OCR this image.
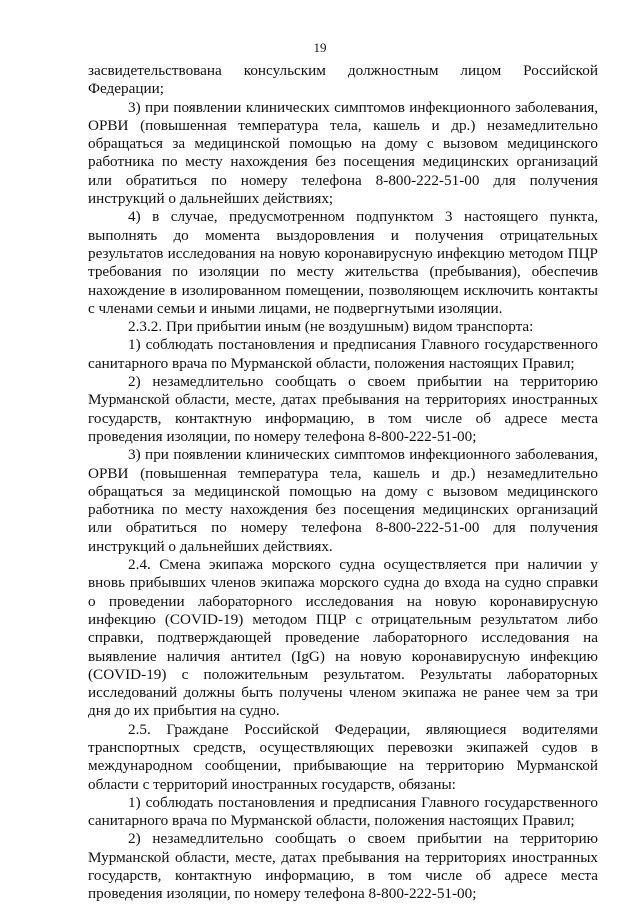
19

засвидетельствована консульским должностным лицом Российской Федерации;

3) при появлении клинических симптомов инфекционного заболевания, ОРВИ (повышенная температура тела, кашель и др.) незамедлительно обращаться за медицинской помощью на дому с вызовом медицинского работника по месту нахождения без посещения медицинских организаций или обратиться по номеру телефона 8-800-222-51-00 для получения инструкций о дальнейших действиях;

4) в случае, предусмотренном подпунктом 3 настоящего пункта, выполнять до момента выздоровления и получения отрицательных результатов исследования на новую коронавирусную инфекцию методом ПЦР требования по изоляции по месту жительства (пребывания), обеспечив нахождение в изолированном помещении, позволяющем исключить контакты с членами семьи и иными лицами, не подвергнутыми изоляции.

2.3.2. При прибытии иным (не воздушным) видом транспорта:

1) соблюдать постановления и предписания Главного государственного санитарного врача по Мурманской области, положения настоящих Правил;

2) незамедлительно сообщать о своем прибытии на территорию Мурманской области, месте, датах пребывания на территориях иностранных государств, контактную информацию, в том числе об адресе места проведения изоляции, по номеру телефона 8-800-222-51-00;

3) при появлении клинических симптомов инфекционного заболевания, ОРВИ (повышенная температура тела, кашель и др.) незамедлительно обращаться за медицинской помощью на дому с вызовом медицинского работника по месту нахождения без посещения медицинских организаций или обратиться по номеру телефона 8-800-222-51-00 для получения инструкций о дальнейших действиях.

2.4. Смена экипажа морского судна осуществляется при наличии у вновь прибывших членов экипажа морского судна до входа на судно справки о проведении лабораторного исследования на новую коронавирусную инфекцию (COVID-19) методом ПЦР с отрицательным результатом либо справки, подтверждающей проведение лабораторного исследования на выявление наличия антител (IgG) на новую коронавирусную инфекцию (COVID-19) с положительным результатом. Результаты лабораторных исследований должны быть получены членом экипажа не ранее чем за три дня до их прибытия на судно.

2.5. Граждане Российской Федерации, являющиеся водителями транспортных средств, осуществляющих перевозки экипажей судов в международном сообщении, прибывающие на территорию Мурманской области с территорий иностранных государств, обязаны:

1) соблюдать постановления и предписания Главного государственного санитарного врача по Мурманской области, положения настоящих Правил;

2) незамедлительно сообщать о своем прибытии на территорию Мурманской области, месте, датах пребывания на территориях иностранных государств, контактную информацию, в том числе об адресе места проведения изоляции, по номеру телефона 8-800-222-51-00;
